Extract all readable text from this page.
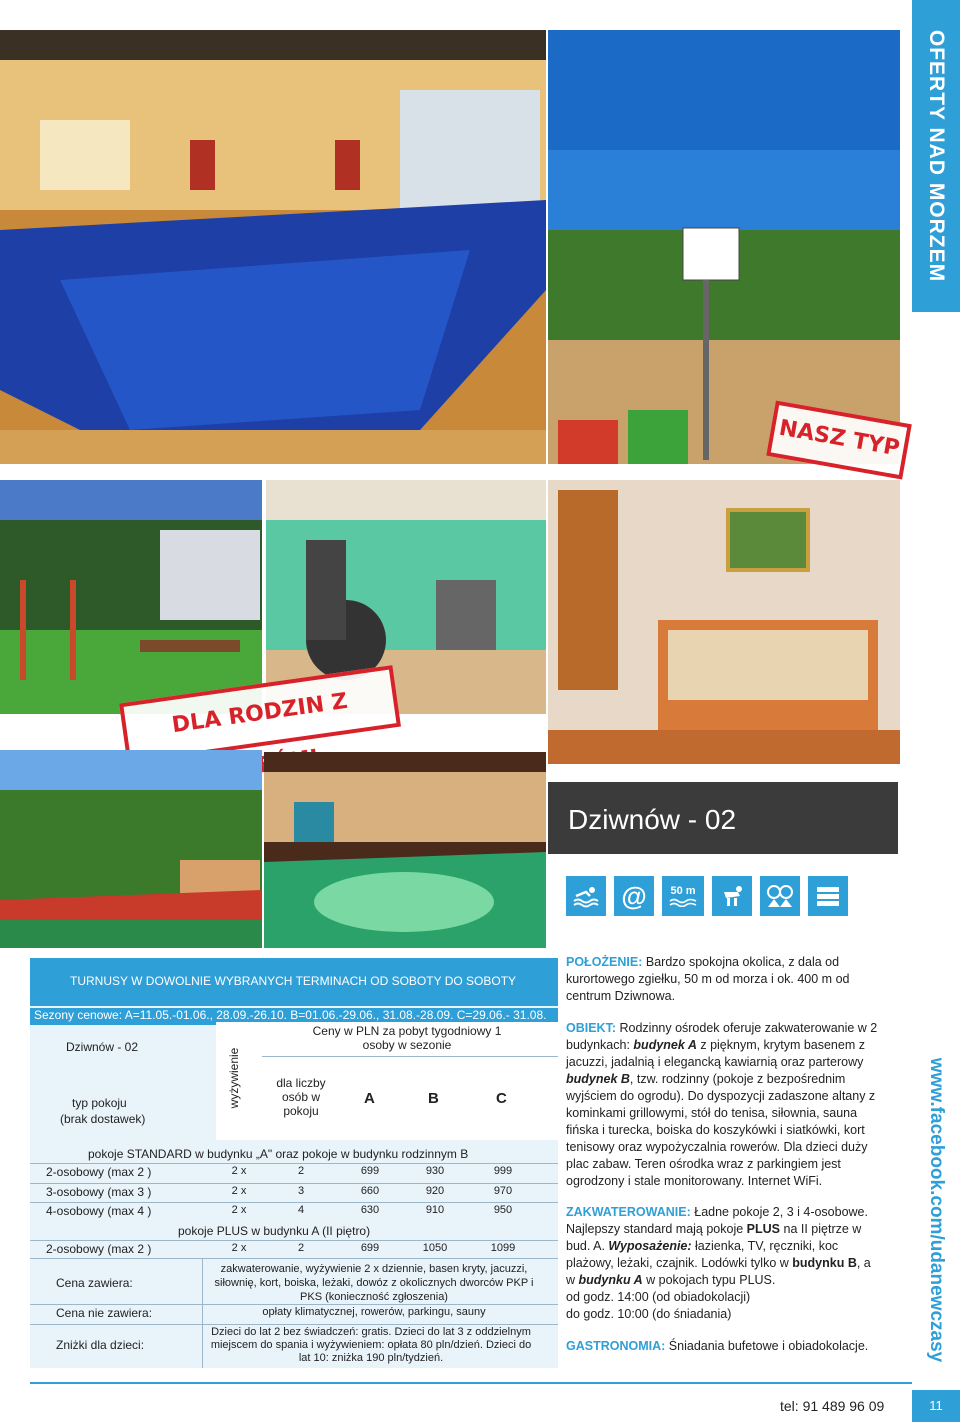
OFERTY NAD MORZEM
NASZ TYP
DLA RODZIN Z
Dziwnów - 02
@	50 m
TURNUSY W DOWOLNIE WYBRANYCH TERMINACH OD SOBOTY DO SOBOTY
Sezony cenowe: A=11.05.-01.06., 28.09.-26.10. B=01.06.-29.06., 31.08.-28.09. C=29.06.- 31.08.
Dziwnów - 02
typ pokoju
(brak dostawek)
wyżywienie
Ceny w PLN za pobyt tygodniowy 1 osoby w sezonie
dla liczby osób w pokoju
A	B	C
pokoje STANDARD w budynku „A" oraz pokoje w budynku rodzinnym B
2-osobowy (max 2 )	2 x	2	699	930	999
3-osobowy (max 3 )	2 x	3	660	920	970
4-osobowy (max 4 )	2 x	4	630	910	950
pokoje PLUS w budynku A (II piętro)
2-osobowy (max 2 )	2 x	2	699	1050	1099
Cena zawiera:
zakwaterowanie, wyżywienie 2 x dziennie, basen kryty, jacuzzi, siłownię, kort, boiska, leżaki, dowóz z okolicznych dworców PKP i PKS (konieczność zgłoszenia)
Cena nie zawiera:	opłaty klimatycznej, rowerów, parkingu, sauny
Zniżki dla dzieci:
Dzieci do lat 2 bez świadczeń: gratis. Dzieci do lat 3 z oddzielnym miejscem do spania i wyżywieniem: opłata 80 pln/dzień. Dzieci do lat 10: zniżka 190 pln/tydzień.
POŁOŻENIE: Bardzo spokojna okolica, z dala od kurortowego zgiełku, 50 m od morza i ok. 400 m od centrum Dziwnowa.
OBIEKT: Rodzinny ośrodek oferuje zakwaterowanie w 2 budynkach: budynek A z pięknym, krytym basenem z jacuzzi, jadalnią i elegancką kawiarnią oraz parterowy budynek B, tzw. rodzinny (pokoje z bezpośrednim wyjściem do ogrodu). Do dyspozycji zadaszone altany z kominkami grillowymi, stół do tenisa, siłownia, sauna fińska i turecka, boiska do koszykówki i siatkówki, kort tenisowy oraz wypożyczalnia rowerów. Dla dzieci duży plac zabaw. Teren ośrodka wraz z parkingiem jest ogrodzony i stale monitorowany. Internet WiFi.
ZAKWATEROWANIE: Ładne pokoje 2, 3 i 4-osobowe. Najlepszy standard mają pokoje PLUS na II piętrze w bud. A. Wyposażenie: łazienka, TV, ręczniki, koc plażowy, leżaki, czajnik. Lodówki tylko w budynku B, a w budynku A w pokojach typu PLUS.
od godz. 14:00 (od obiadokolacji)
do godz. 10:00 (do śniadania)
GASTRONOMIA: Śniadania bufetowe i obiadokolacje.	www.facebook.com/udanewczasy
tel: 91 489 96 09	11
